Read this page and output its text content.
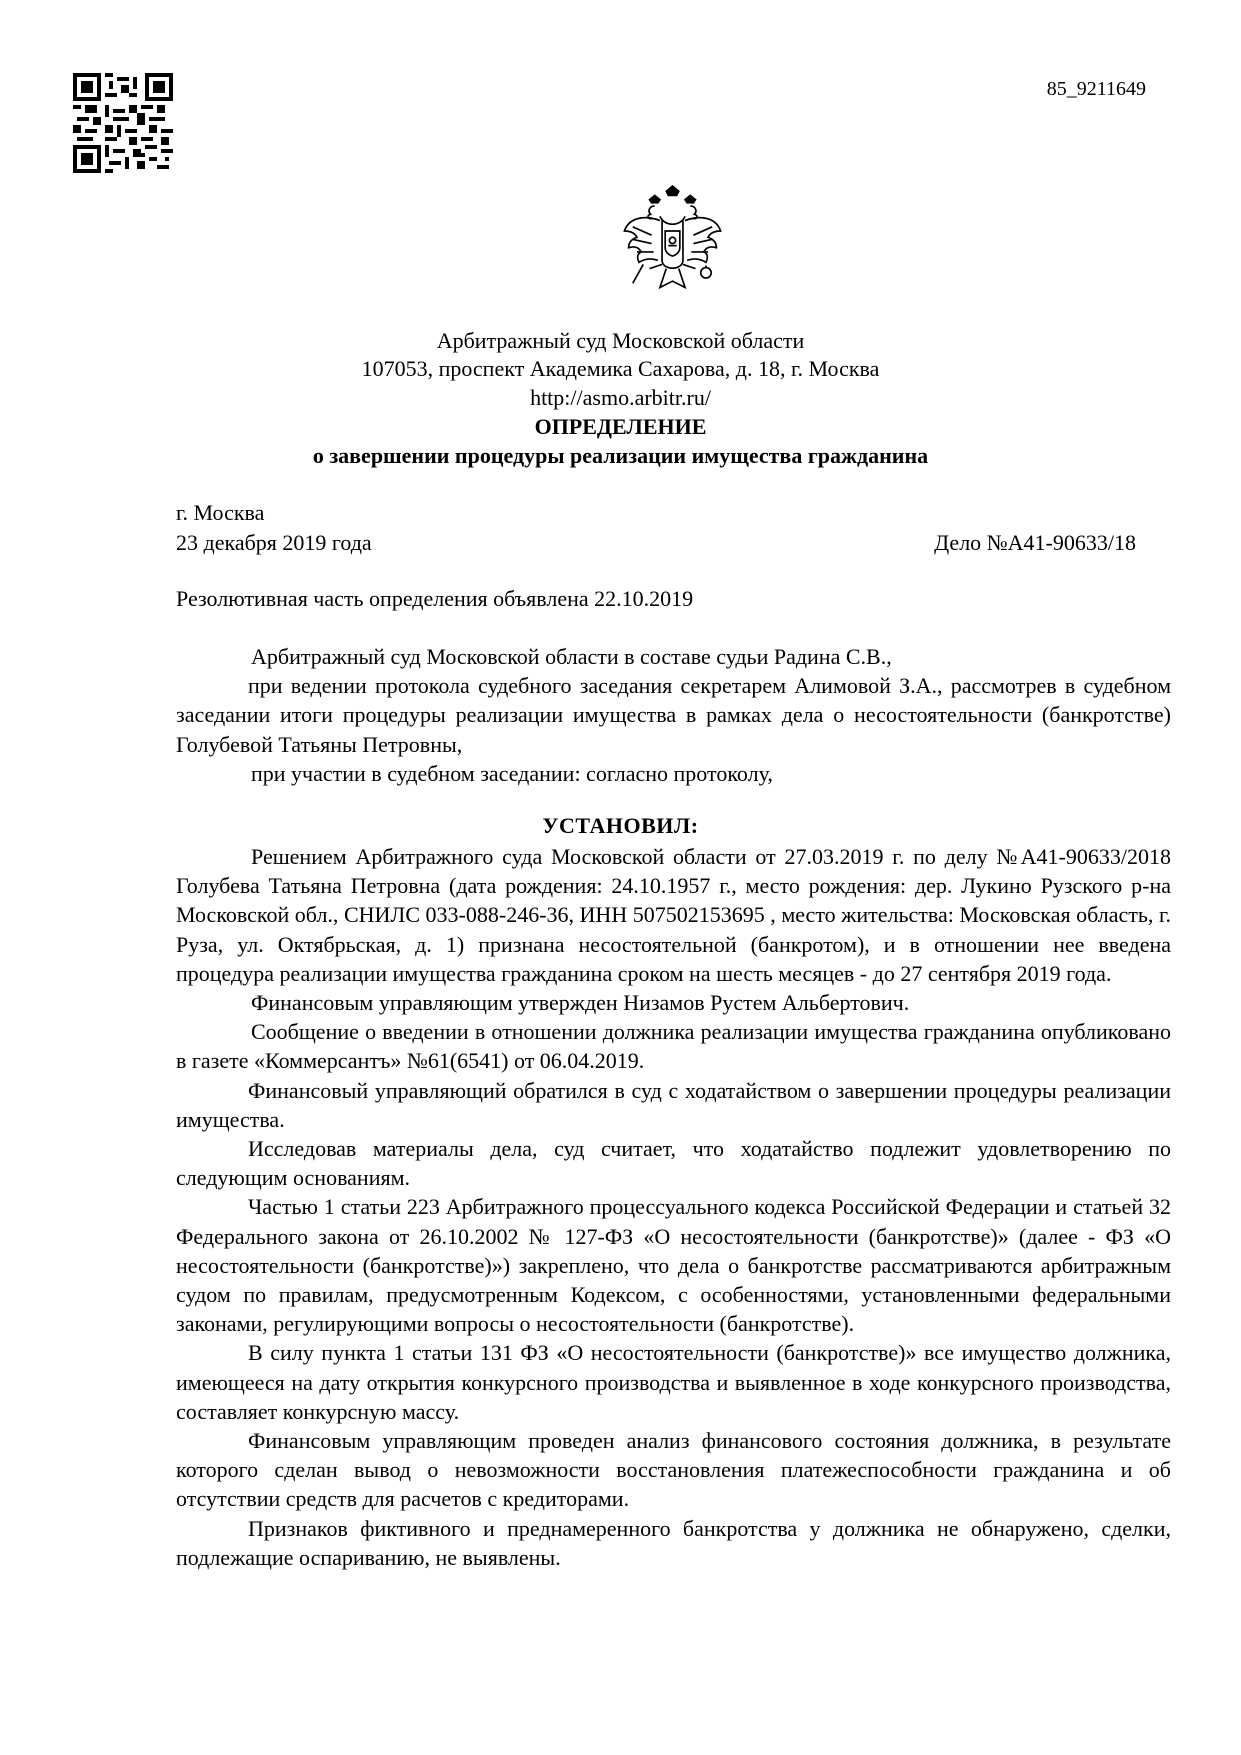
85_9211649
Арбитражный суд Московской области
107053, проспект Академика Сахарова, д. 18, г. Москва
http://asmo.arbitr.ru/
ОПРЕДЕЛЕНИЕ
о завершении процедуры реализации имущества гражданина
г. Москва
23 декабря 2019 года	Дело №А41-90633/18
Резолютивная часть определения объявлена 22.10.2019

Арбитражный суд Московской области в составе судьи Радина С.В.,

при ведении протокола судебного заседания секретарем Алимовой З.А., рассмотрев в судебном заседании итоги процедуры реализации имущества в рамках дела о несостоятельности (банкротстве) Голубевой Татьяны Петровны,

при участии в судебном заседании: согласно протоколу,

УСТАНОВИЛ:

Решением Арбитражного суда Московской области от 27.03.2019 г. по делу №А41-90633/2018 Голубева Татьяна Петровна (дата рождения: 24.10.1957 г., место рождения: дер. Лукино Рузского р-на Московской обл., СНИЛС 033-088-246-36, ИНН 507502153695 , место жительства: Московская область, г. Руза, ул. Октябрьская, д. 1) признана несостоятельной (банкротом), и в отношении нее введена процедура реализации имущества гражданина сроком на шесть месяцев - до 27 сентября 2019 года.

Финансовым управляющим утвержден Низамов Рустем Альбертович.

Сообщение о введении в отношении должника реализации имущества гражданина опубликовано в газете «Коммерсантъ» №61(6541) от 06.04.2019.

Финансовый управляющий обратился в суд с ходатайством о завершении процедуры реализации имущества.

Исследовав материалы дела, суд считает, что ходатайство подлежит удовлетворению по следующим основаниям.

Частью 1 статьи 223 Арбитражного процессуального кодекса Российской Федерации и статьей 32 Федерального закона от 26.10.2002 № 127-ФЗ «О несостоятельности (банкротстве)» (далее - ФЗ «О несостоятельности (банкротстве)») закреплено, что дела о банкротстве рассматриваются арбитражным судом по правилам, предусмотренным Кодексом, с особенностями, установленными федеральными законами, регулирующими вопросы о несостоятельности (банкротстве).

В силу пункта 1 статьи 131 ФЗ «О несостоятельности (банкротстве)» все имущество должника, имеющееся на дату открытия конкурсного производства и выявленное в ходе конкурсного производства, составляет конкурсную массу.

Финансовым управляющим проведен анализ финансового состояния должника, в результате которого сделан вывод о невозможности восстановления платежеспособности гражданина и об отсутствии средств для расчетов с кредиторами.

Признаков фиктивного и преднамеренного банкротства у должника не обнаружено, сделки, подлежащие оспариванию, не выявлены.
